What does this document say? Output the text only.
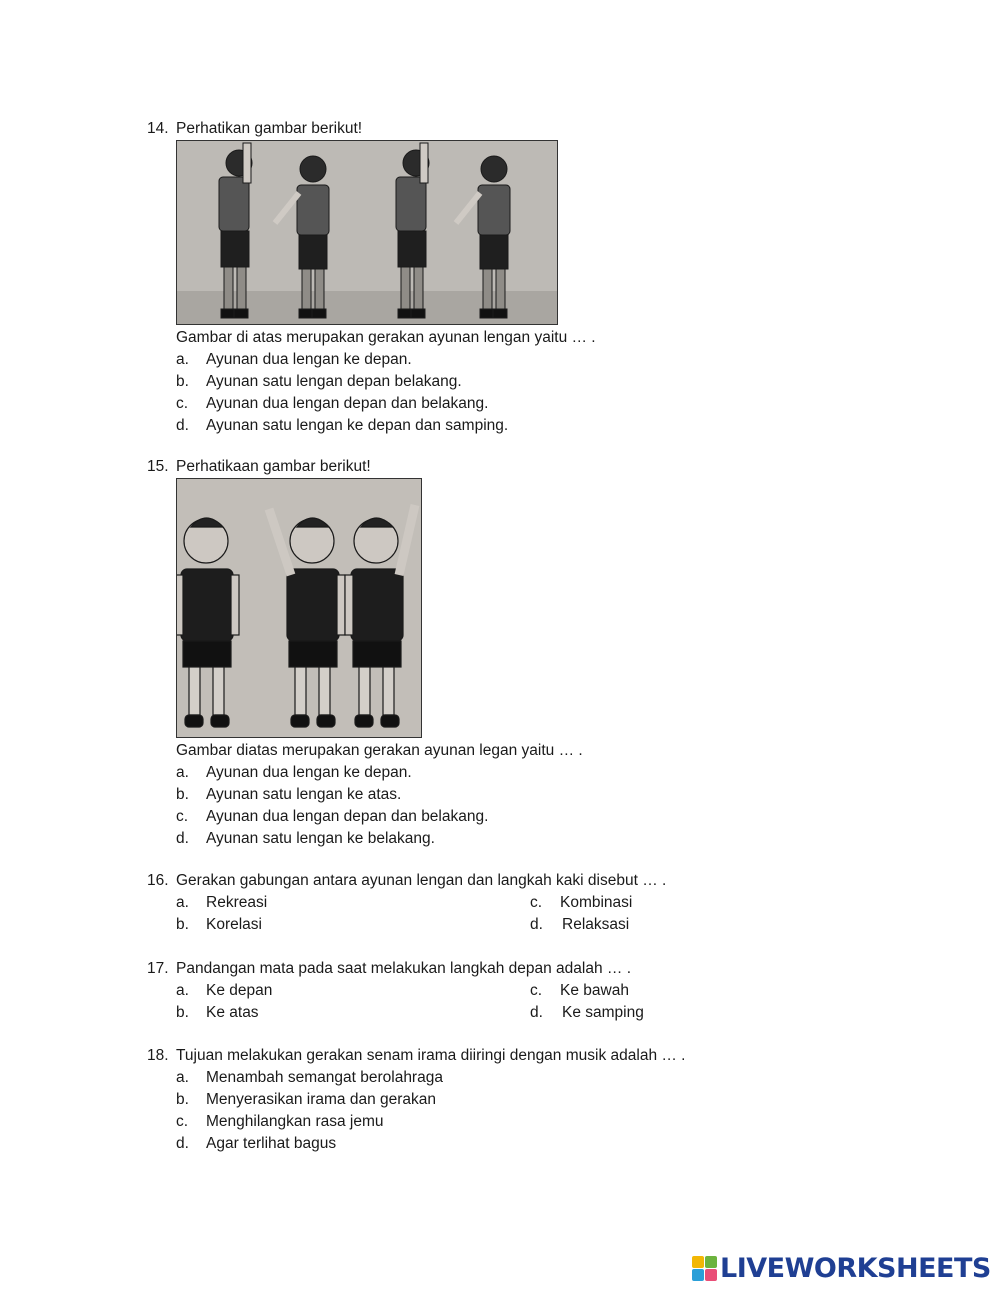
14. Perhatikan gambar berikut!
Gambar di atas merupakan gerakan ayunan lengan yaitu … .
a. Ayunan dua lengan ke depan.
b. Ayunan satu lengan depan belakang.
c. Ayunan dua lengan depan dan belakang.
d. Ayunan satu lengan ke depan dan samping.
15. Perhatikaan gambar berikut!
Gambar diatas merupakan gerakan ayunan legan yaitu … .
a. Ayunan dua lengan ke depan.
b. Ayunan satu lengan ke atas.
c. Ayunan dua lengan depan dan belakang.
d. Ayunan satu lengan ke belakang.
16. Gerakan gabungan antara ayunan lengan dan langkah kaki disebut … .
a. Rekreasi	c. Kombinasi
b. Korelasi	d. Relaksasi
17. Pandangan mata pada saat melakukan langkah depan adalah … .
a. Ke depan	c. Ke bawah
b. Ke atas	d. Ke samping
18. Tujuan melakukan gerakan senam irama diiringi dengan musik adalah … .
a. Menambah semangat berolahraga
b. Menyerasikan irama dan gerakan
c. Menghilangkan rasa jemu
d. Agar terlihat bagus
LIVEWORKSHEETS
